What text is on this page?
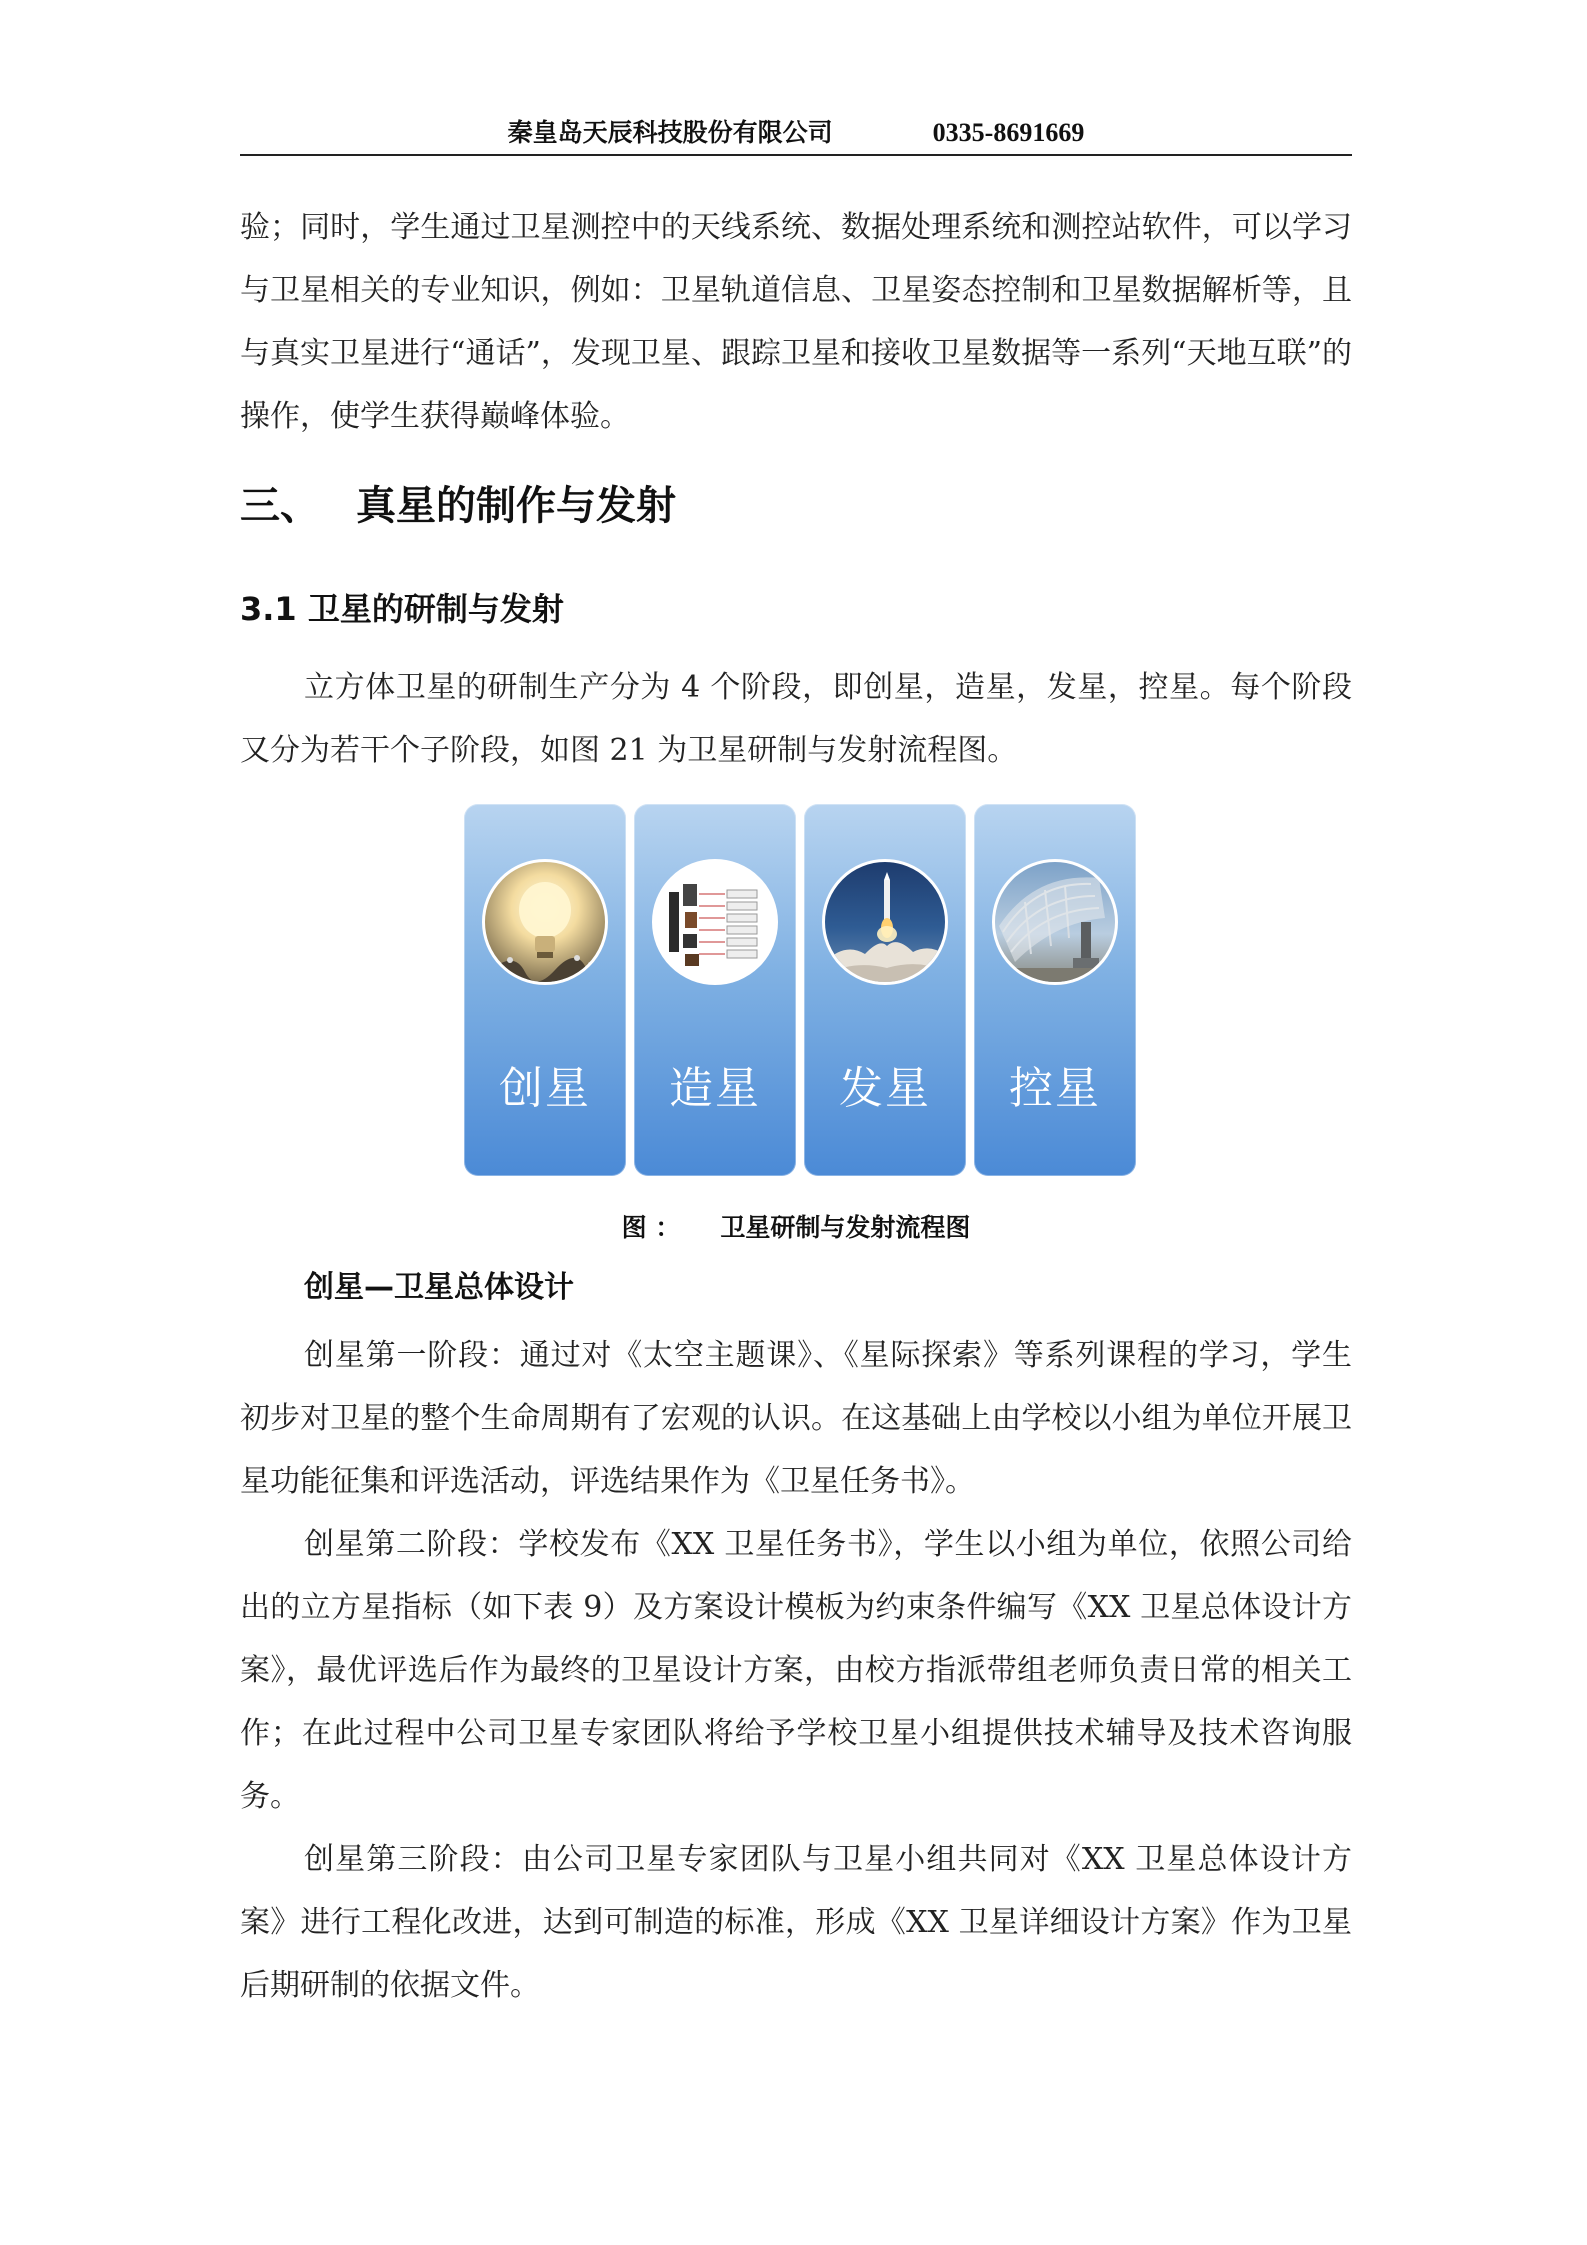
秦皇岛天辰科技股份有限公司	0335-8691669

验；同时，学生通过卫星测控中的天线系统、数据处理系统和测控站软件，可以学习与卫星相关的专业知识，例如：卫星轨道信息、卫星姿态控制和卫星数据解析等，且与真实卫星进行“通话”，发现卫星、跟踪卫星和接收卫星数据等一系列“天地互联”的操作，使学生获得巅峰体验。

三、 真星的制作与发射
3.1 卫星的研制与发射

立方体卫星的研制生产分为 4 个阶段，即创星，造星，发星，控星。每个阶段又分为若干个子阶段，如图 21 为卫星研制与发射流程图。

创星	造星	发星	控星
图 ： 卫星研制与发射流程图
创星—卫星总体设计

创星第一阶段：通过对《太空主题课》、《星际探索》等系列课程的学习，学生初步对卫星的整个生命周期有了宏观的认识。在这基础上由学校以小组为单位开展卫星功能征集和评选活动，评选结果作为《卫星任务书》。

创星第二阶段：学校发布《XX 卫星任务书》，学生以小组为单位，依照公司给出的立方星指标（如下表 9）及方案设计模板为约束条件编写《XX 卫星总体设计方案》，最优评选后作为最终的卫星设计方案，由校方指派带组老师负责日常的相关工作；在此过程中公司卫星专家团队将给予学校卫星小组提供技术辅导及技术咨询服务。

创星第三阶段：由公司卫星专家团队与卫星小组共同对《XX 卫星总体设计方案》进行工程化改进，达到可制造的标准，形成《XX 卫星详细设计方案》作为卫星后期研制的依据文件。
